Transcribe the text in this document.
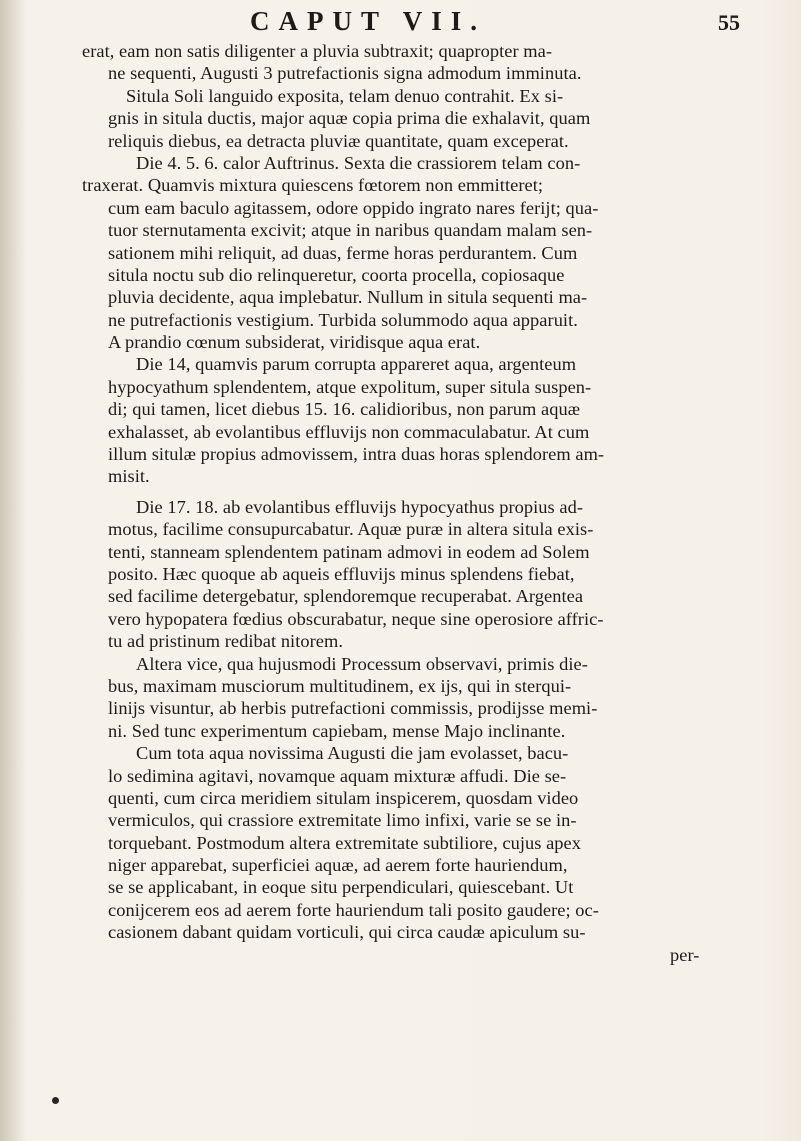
CAPUT VII.	55
erat, eam non satis diligenter a pluvia subtraxit; quapropter ma-
ne sequenti, Augusti 3 putrefactionis signa admodum imminuta.
Situla Soli languido exposita, telam denuo contrahit. Ex si-
gnis in situla ductis, major aquæ copia prima die exhalavit, quam
reliquis diebus, ea detracta pluviæ quantitate, quam exceperat.
Die 4. 5. 6. calor Auftrinus. Sexta die crassiorem telam con-
traxerat. Quamvis mixtura quiescens fœtorem non emmitteret;
cum eam baculo agitassem, odore oppido ingrato nares ferijt; qua-
tuor sternutamenta excivit; atque in naribus quandam malam sen-
sationem mihi reliquit, ad duas, ferme horas perdurantem. Cum
situla noctu sub dio relinqueretur, coorta procella, copiosaque
pluvia decidente, aqua implebatur. Nullum in situla sequenti ma-
ne putrefactionis vestigium. Turbida solummodo aqua apparuit.
A prandio cœnum subsiderat, viridisque aqua erat.
Die 14, quamvis parum corrupta appareret aqua, argenteum
hypocyathum splendentem, atque expolitum, super situla suspen-
di; qui tamen, licet diebus 15. 16. calidioribus, non parum aquæ
exhalasset, ab evolantibus effluvijs non commaculabatur. At cum
illum situlæ propius admovissem, intra duas horas splendorem am-
misit.
Die 17. 18. ab evolantibus effluvijs hypocyathus propius ad-
motus, facilime consupurcabatur. Aquæ puræ in altera situla exis-
tenti, stanneam splendentem patinam admovi in eodem ad Solem
posito. Hæc quoque ab aqueis effluvijs minus splendens fiebat,
sed facilime detergebatur, splendoremque recuperabat. Argentea
vero hypopatera fœdius obscurabatur, neque sine operosiore affric-
tu ad pristinum redibat nitorem.
Altera vice, qua hujusmodi Processum observavi, primis die-
bus, maximam musciorum multitudinem, ex ijs, qui in sterqui-
linijs visuntur, ab herbis putrefactioni commissis, prodijsse memi-
ni. Sed tunc experimentum capiebam, mense Majo inclinante.
Cum tota aqua novissima Augusti die jam evolasset, bacu-
lo sedimina agitavi, novamque aquam mixturæ affudi. Die se-
quenti, cum circa meridiem situlam inspicerem, quosdam video
vermiculos, qui crassiore extremitate limo infixi, varie se se in-
torquebant. Postmodum altera extremitate subtiliore, cujus apex
niger apparebat, superficiei aquæ, ad aerem forte hauriendum,
se se applicabant, in eoque situ perpendiculari, quiescebant. Ut
conijcerem eos ad aerem forte hauriendum tali posito gaudere; oc-
casionem dabant quidam vorticuli, qui circa caudæ apiculum su-
per-
